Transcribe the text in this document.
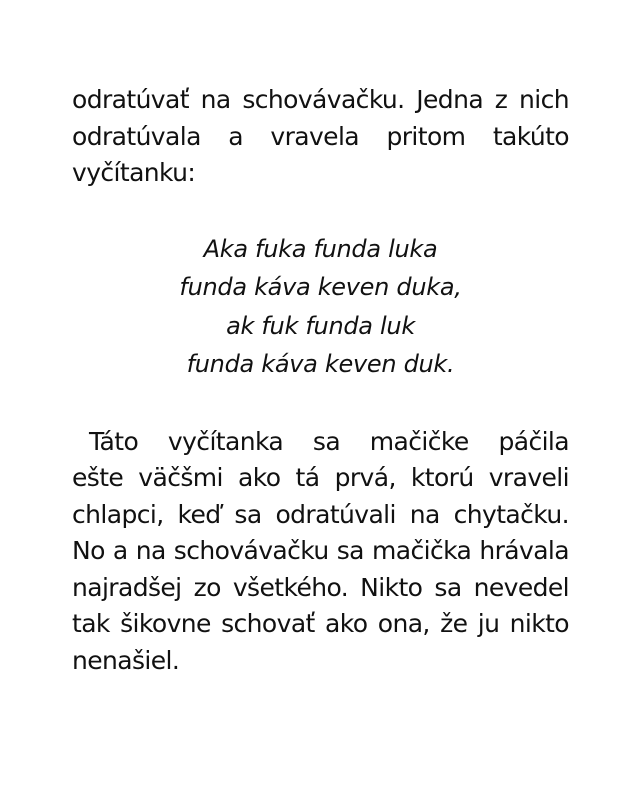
odratúvať na schovávačku. Jedna z nich
odratúvala a vravela pritom takúto
vyčítanku:
Aka fuka funda luka
funda káva keven duka,
ak fuk funda luk
funda káva keven duk.
Táto vyčítanka sa mačičke páčila
ešte väčšmi ako tá prvá, ktorú vraveli
chlapci, keď sa odratúvali na chytačku.
No a na schovávačku sa mačička hrávala
najradšej zo všetkého. Nikto sa nevedel
tak šikovne schovať ako ona, že ju nikto
nenašiel.
